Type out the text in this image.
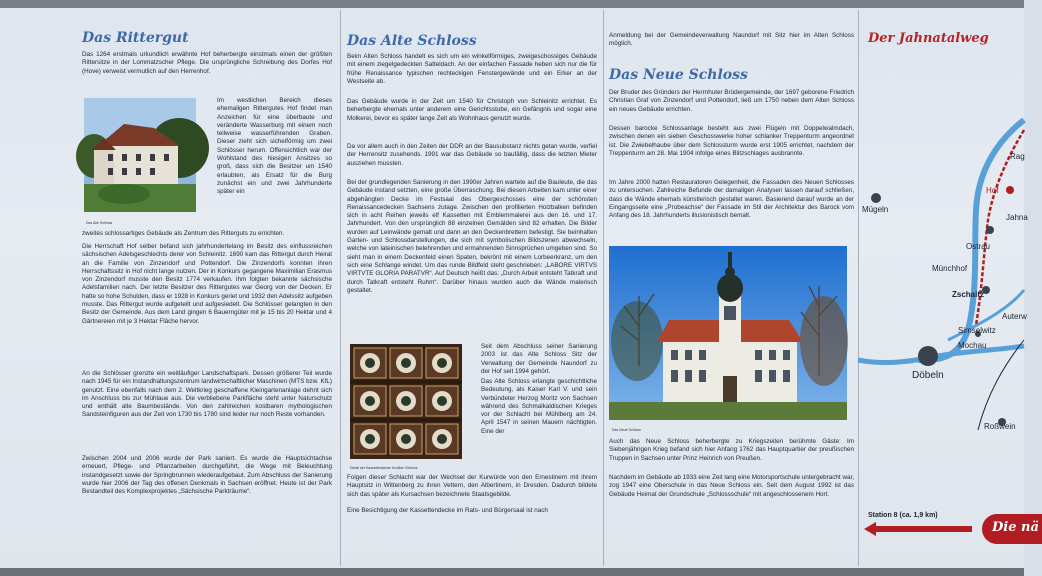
Das Rittergut

Das 1264 erstmals urkundlich erwähnte Hof beherbergte einstmals einen der größten Rittersitze in der Lommatzscher Pflege. Die ursprüngliche Schreibung des Dorfes Hof (Hove) verweist vermutlich auf den Herrenhof.

Das Alte Schloss

Im westlichen Bereich dieses ehemaligen Rittergutes Hof findet man Anzeichen für eine überbaute und veränderte Wasserburg mit einem noch teilweise wasserführenden Graben. Dieser zieht sich sichelförmig um zwei Schlösser herum. Offensichtlich war der Wohlstand des hiesigen Ansitzes so groß, dass sich die Besitzer um 1540 erlaubten, als Ersatz für die Burg zunächst ein und zwei Jahrhunderte später ein

zweites schlossartiges Gebäude als Zentrum des Ritterguts zu errichten.

Die Herrschaft Hof selber befand sich jahrhundertelang im Besitz des einflussreichen sächsischen Adelsgeschlechts derer von Schleinitz. 1690 kam das Rittergut durch Heirat an die Familie von Zinzendorf und Pottendorf. Die Zinzendorfs konnten ihren Herrschaftssitz in Hof nicht lange nutzen. Der in Konkurs gegangene Maximilian Erasmus von Zinzendorf musste den Besitz 1774 verkaufen. Ihm folgten bekannte sächsische Adelsfamilien nach. Der letzte Besitzer des Rittergutes war Georg von der Decken. Er hatte so hohe Schulden, dass er 1928 in Konkurs geriet und 1932 den Adelssitz aufgeben musste. Das Rittergut wurde aufgeteilt und aufgesiedelt. Die Schlösser gelangten in den Besitz der Gemeinde. Aus dem Land gingen 6 Bauerngüter mit je 15 bis 20 Hektar und 4 Gärtnereien mit je 3 Hektar Fläche hervor.

An die Schlösser grenzte ein weitläufiger Landschaftspark. Dessen größerer Teil wurde nach 1945 für ein Instandhaltungszentrum landwirtschaftlicher Maschinen (MTS bzw. KfL) genutzt. Eine ebenfalls nach dem 2. Weltkrieg geschaffene Kleingartenanlage dehnt sich im Anschluss bis zur Mühlaue aus. Die verbliebene Parkfläche steht unter Naturschutz und enthält alte Baumbestände. Von den zahlreichen kostbaren mythologischen Sandsteinfiguren aus der Zeit von 1730 bis 1780 sind leider nur noch Reste vorhanden.

Zwischen 2004 und 2006 wurde der Park saniert. Es wurde die Hauptsichtachse erneuert, Pflege- und Pflanzarbeiten durchgeführt, die Wege mit Beleuchtung instandgesetzt sowie der Springbrunnen wiederaufgebaut. Zum Abschluss der Sanierung wurde hier 2006 der Tag des offenen Denkmals in Sachsen eröffnet. Heute ist der Park Bestandteil des Komplexprojektes „Sächsische Parkträume“.

Das Alte Schloss

Beim Alten Schloss handelt es sich um ein winkelförmiges, zweigeschossiges Gebäude mit einem ziegelgedeckten Satteldach. An der einfachen Fassade heben sich nur die für frühe Renaissance typischen rechteckigen Fenstergewände und ein Erker an der Westseite ab.

Das Gebäude wurde in der Zeit um 1540 für Christoph von Schleinitz errichtet. Es beherbergte ehemals unter anderem eine Gerichtsstube, ein Gefängnis und sogar eine Molkerei, bevor es später lange Zeit als Wohnhaus genutzt wurde.

Da vor allem auch in den Zeiten der DDR an der Bausubstanz nichts getan wurde, verfiel der Herrensitz zusehends. 1991 war das Gebäude so baufällig, dass die letzten Mieter ausziehen mussten.

Bei der grundlegenden Sanierung in den 1990er Jahren wartete auf die Bauleute, die das Gebäude instand setzten, eine große Überraschung. Bei diesen Arbeiten kam unter einer abgehängten Decke im Festsaal des Obergeschosses eine der schönsten Renaissancedecken Sachsens zutage. Zwischen den profilierten Holzbalken befinden sich in acht Reihen jeweils elf Kassetten mit Emblemmalerei aus den 16. und 17. Jahrhundert. Von den ursprünglich 88 einzelnen Gemälden sind 82 erhalten. Die Bilder wurden auf Leinwände gemalt und dann an den Deckenbrettern befestigt. Sie beinhalten Garten- und Schlossdarstellungen, die sich mit symbolischen Bildszenen abwechseln, welche von lateinischen belehrenden und ermahnenden Sinnsprüchen umgeben sind. So sieht man in einem Deckenfeld einen Spaten, bekrönt mit einem Lorbeerkranz, um den sich eine Schlange windet. Um das runde Bildfeld steht geschrieben: „LABORE VIRTVS VIRTVTE GLORIA PARATVR“. Auf Deutsch heißt das: „Durch Arbeit entsteht Tatkraft und durch Tatkraft entsteht Ruhm“. Darüber hinaus wurden auch die Wände malerisch gestaltet.

Detail der Kassettendecke im Alten Schloss

Seit dem Abschluss seiner Sanierung 2003 ist das Alte Schloss Sitz der Verwaltung der Gemeinde Naundorf zu der Hof seit 1994 gehört.

Das Alte Schloss erlangte geschichtliche Bedeutung, als Kaiser Karl V. und sein Verbündeter Herzog Moritz von Sachsen während des Schmalkaldischen Krieges vor der Schlacht bei Mühlberg am 24. April 1547 in seinen Mauern nächtigten. Eine der

Folgen dieser Schlacht war der Wechsel der Kurwürde von den Ernestinern mit ihrem Hauptsitz in Wittenberg zu ihren Vettern, den Albertinern, in Dresden. Dadurch bildete sich das später als Kursachsen bezeichnete Staatsgebilde.

Eine Besichtigung der Kassettendecke im Rats- und Bürgersaal ist nach

Anmeldung bei der Gemeindeverwaltung Naundorf mit Sitz hier im Alten Schloss möglich.

Das Neue Schloss

Der Bruder des Gründers der Herrnhuter Brüdergemeinde, der 1697 geborene Friedrich Christian Graf von Zinzendorf und Pottendorf, ließ um 1750 neben dem Alten Schloss ein neues Gebäude errichten.

Dessen barocke Schlossanlage besteht aus zwei Flügeln mit Doppelwalmdach, zwischen denen ein sieben Geschosswerke hoher schlanker Treppenturm angeordnet ist. Die Zwiebelhaube über dem Schlossturm wurde erst 1905 errichtet, nachdem der Treppenturm am 28. Mai 1904 infolge eines Blitzschlages ausbrannte.

Im Jahre 2000 hatten Restauratoren Gelegenheit, die Fassaden des Neuen Schlosses zu untersuchen. Zahlreiche Befunde der damaligen Analysen lassen darauf schließen, dass die Wände ehemals künstlerisch gestaltet waren. Basierend darauf wurde an der Eingangsseite eine „Probeachse“ der Fassade im Stil der Architektur des Barock vom Anfang des 18. Jahrhunderts illusionistisch bemalt.

Das Neue Schloss

Auch das Neue Schloss beherbergte zu Kriegszeiten berühmte Gäste: Im Siebenjährigen Krieg befand sich hier Anfang 1762 das Hauptquartier der preußischen Truppen in Sachsen unter Prinz Heinrich von Preußen.

Nachdem im Gebäude ab 1933 eine Zeit lang eine Motorsportschule untergebracht war, zog 1947 eine Oberschule in das Neue Schloss ein. Seit dem August 1992 ist das Gebäude Heimat der Grundschule „Schlossschule“ mit angeschlossenem Hort.

Der Jahnatalweg
Mügeln
Hof
Jahna
Rag
Ostrau
Münchhof
Zschaitz
Auterw
Simselwitz
Mochau
Döbeln
Roßwein
Station 8 (ca. 1,9 km)
Die nä
